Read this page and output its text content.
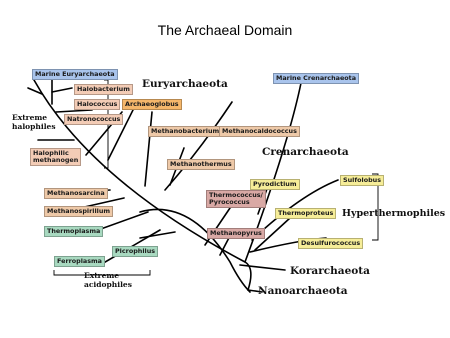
The Archaeal Domain
Euryarchaeota
Crenarchaeota
Hyperthermophiles
Korarchaeota
Nanoarchaeota
Extreme
halophiles
Extreme
acidophiles
Marine Euryarchaeota
Halobacterium
Halococcus
Natronococcus
Archaeoglobus
Methanobacterium Methanocaldococcus
Methanothermus
Halophilic
methanogen
Methanosarcina
Methanospirillum
Thermoplasma
Picrophilus
Ferroplasma
Thermococcus/
Pyrococcus
Methanopyrus
Marine Crenarchaeota
Pyrodictium	Sulfolobus
Thermoproteus
Desulfurococcus
